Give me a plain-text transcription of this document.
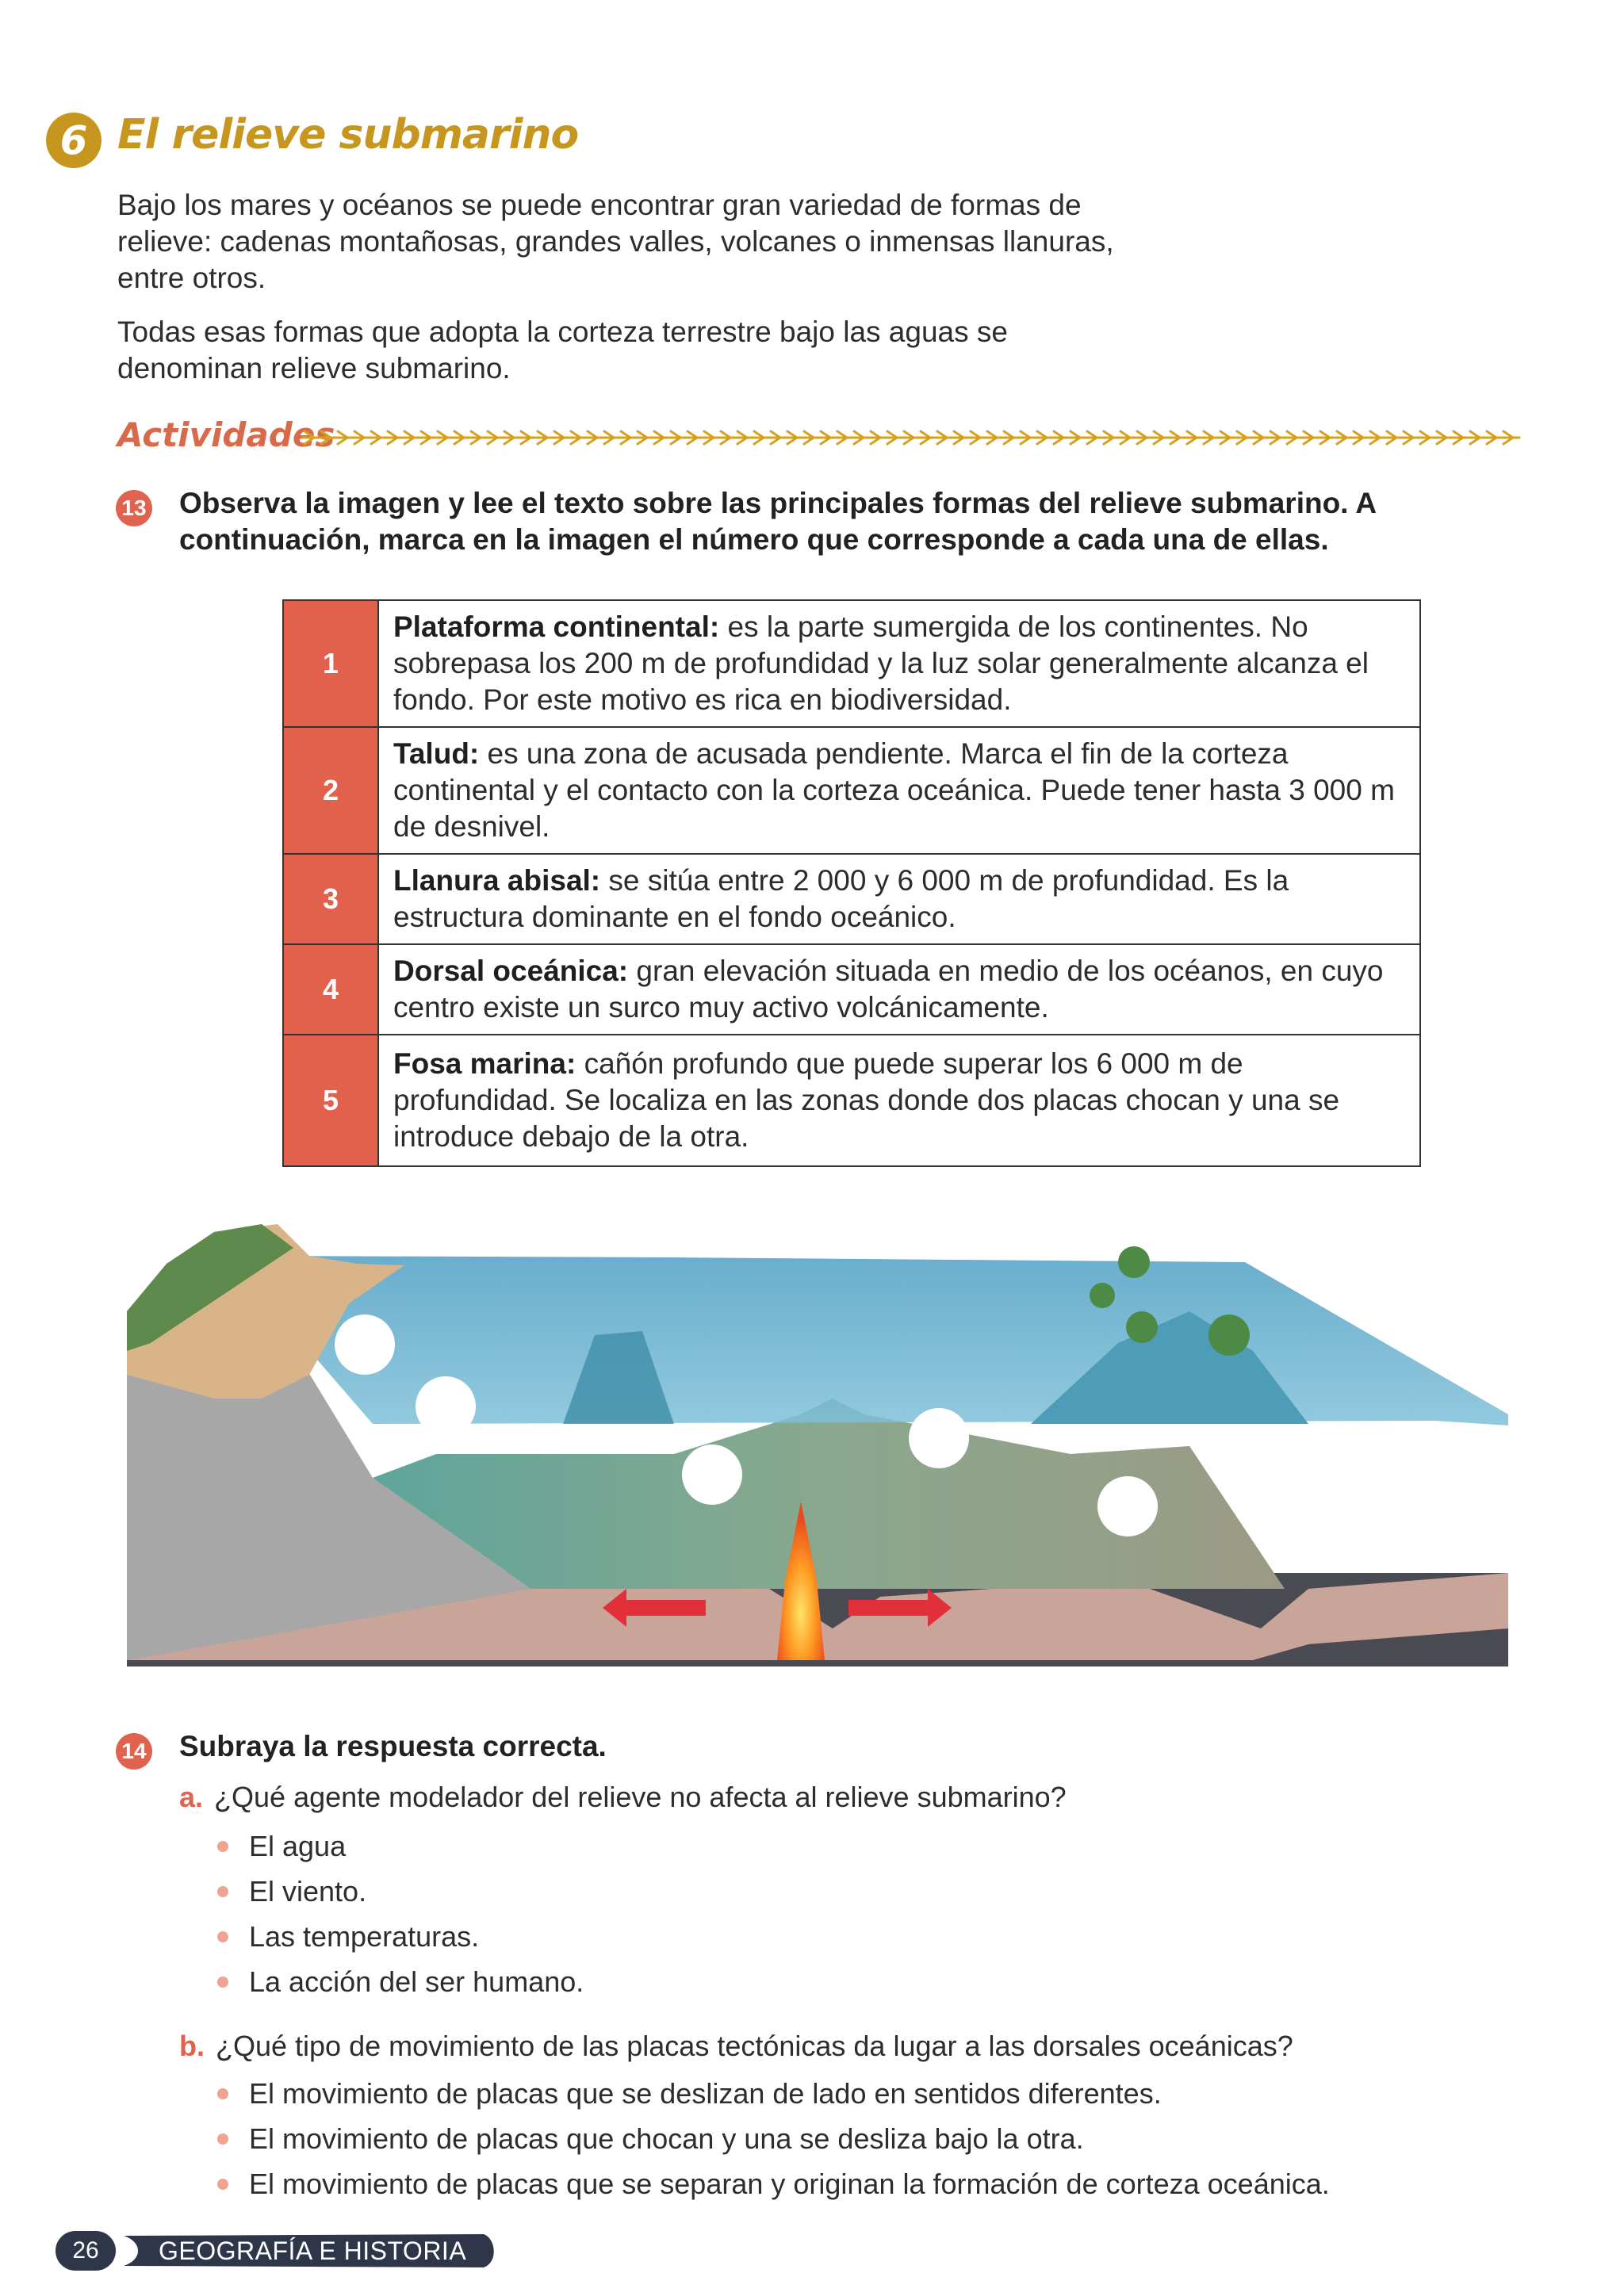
6 El relieve submarino

Bajo los mares y océanos se puede encontrar gran variedad de formas de relieve: cadenas montañosas, grandes valles, volcanes o inmensas llanuras, entre otros.

Todas esas formas que adopta la corteza terrestre bajo las aguas se denominan relieve submarino.

Actividades
13 Observa la imagen y lee el texto sobre las principales formas del relieve submarino. A continuación, marca en la imagen el número que corresponde a cada una de ellas.
1	Plataforma continental: es la parte sumergida de los continentes. No sobrepasa los 200 m de profundidad y la luz solar generalmente alcanza el fondo. Por este motivo es rica en biodiversidad.
2	Talud: es una zona de acusada pendiente. Marca el fin de la corteza continental y el contacto con la corteza oceánica. Puede tener hasta 3 000 m de desnivel.
3	Llanura abisal: se sitúa entre 2 000 y 6 000 m de profundidad. Es la estructura dominante en el fondo oceánico.
4	Dorsal oceánica: gran elevación situada en medio de los océanos, en cuyo centro existe un surco muy activo volcánicamente.
5	Fosa marina: cañón profundo que puede superar los 6 000 m de profundidad. Se localiza en las zonas donde dos placas chocan y una se introduce debajo de la otra.
14 Subraya la respuesta correcta.
a. ¿Qué agente modelador del relieve no afecta al relieve submarino?
El agua
El viento.
Las temperaturas.
La acción del ser humano.
b. ¿Qué tipo de movimiento de las placas tectónicas da lugar a las dorsales oceánicas?
El movimiento de placas que se deslizan de lado en sentidos diferentes.
El movimiento de placas que chocan y una se desliza bajo la otra.
El movimiento de placas que se separan y originan la formación de corteza oceánica.
26	GEOGRAFÍA E HISTORIA
